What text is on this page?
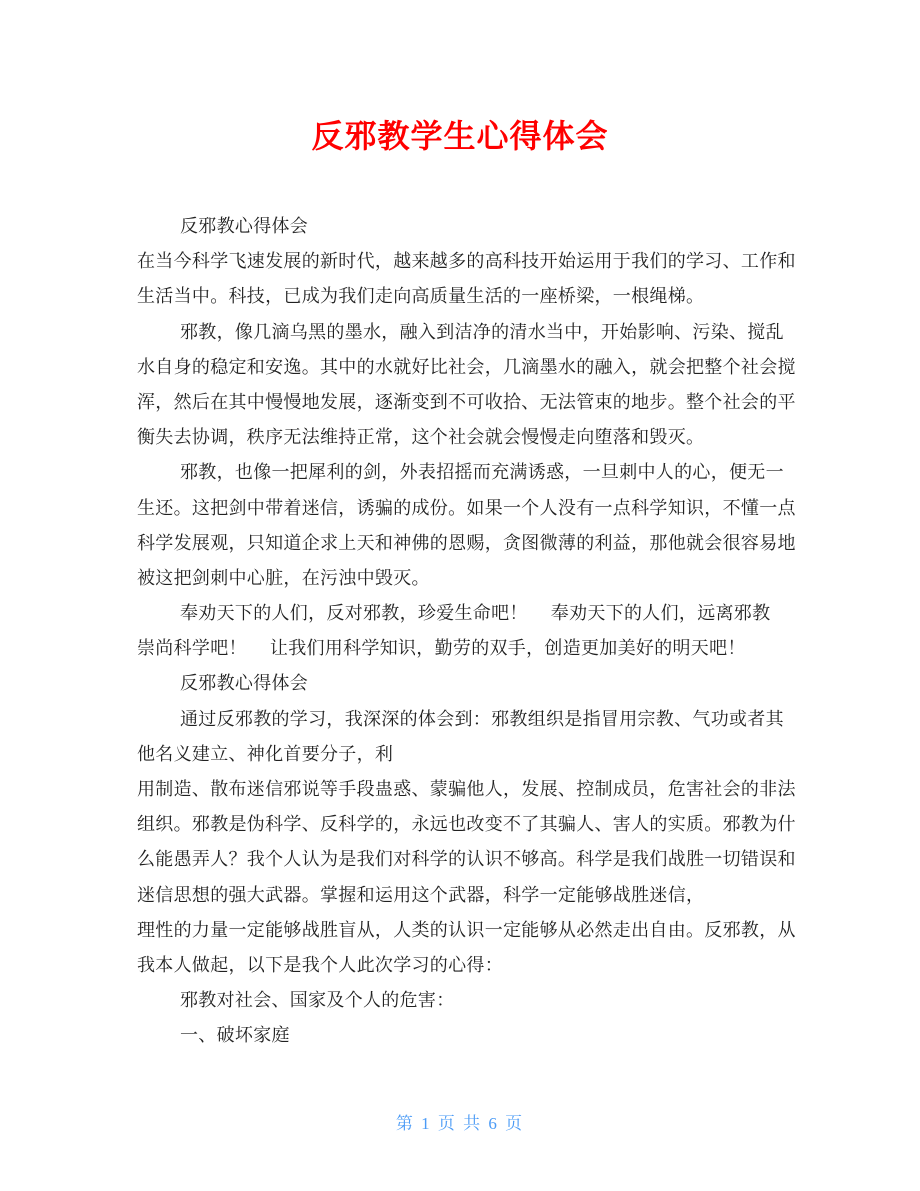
反邪教学生心得体会
反邪教心得体会
在当今科学飞速发展的新时代，越来越多的高科技开始运用于我们的学习、工作和
生活当中。科技，已成为我们走向高质量生活的一座桥梁，一根绳梯。
邪教，像几滴乌黑的墨水，融入到洁净的清水当中，开始影响、污染、搅乱
水自身的稳定和安逸。其中的水就好比社会，几滴墨水的融入，就会把整个社会搅
浑，然后在其中慢慢地发展，逐渐变到不可收拾、无法管束的地步。整个社会的平
衡失去协调，秩序无法维持正常，这个社会就会慢慢走向堕落和毁灭。
邪教，也像一把犀利的剑，外表招摇而充满诱惑，一旦刺中人的心，便无一
生还。这把剑中带着迷信，诱骗的成份。如果一个人没有一点科学知识，不懂一点
科学发展观，只知道企求上天和神佛的恩赐，贪图微薄的利益，那他就会很容易地
被这把剑刺中心脏，在污浊中毁灭。
奉劝天下的人们，反对邪教，珍爱生命吧！　 奉劝天下的人们，远离邪教
崇尚科学吧！　 让我们用科学知识，勤劳的双手，创造更加美好的明天吧！
反邪教心得体会
通过反邪教的学习，我深深的体会到：邪教组织是指冒用宗教、气功或者其
他名义建立、神化首要分子，利
用制造、散布迷信邪说等手段蛊惑、蒙骗他人，发展、控制成员，危害社会的非法
组织。邪教是伪科学、反科学的，永远也改变不了其骗人、害人的实质。邪教为什
么能愚弄人？我个人认为是我们对科学的认识不够高。科学是我们战胜一切错误和
迷信思想的强大武器。掌握和运用这个武器，科学一定能够战胜迷信，
理性的力量一定能够战胜盲从，人类的认识一定能够从必然走出自由。反邪教，从
我本人做起，以下是我个人此次学习的心得：
邪教对社会、国家及个人的危害：
一、破坏家庭
第 1 页 共 6 页
